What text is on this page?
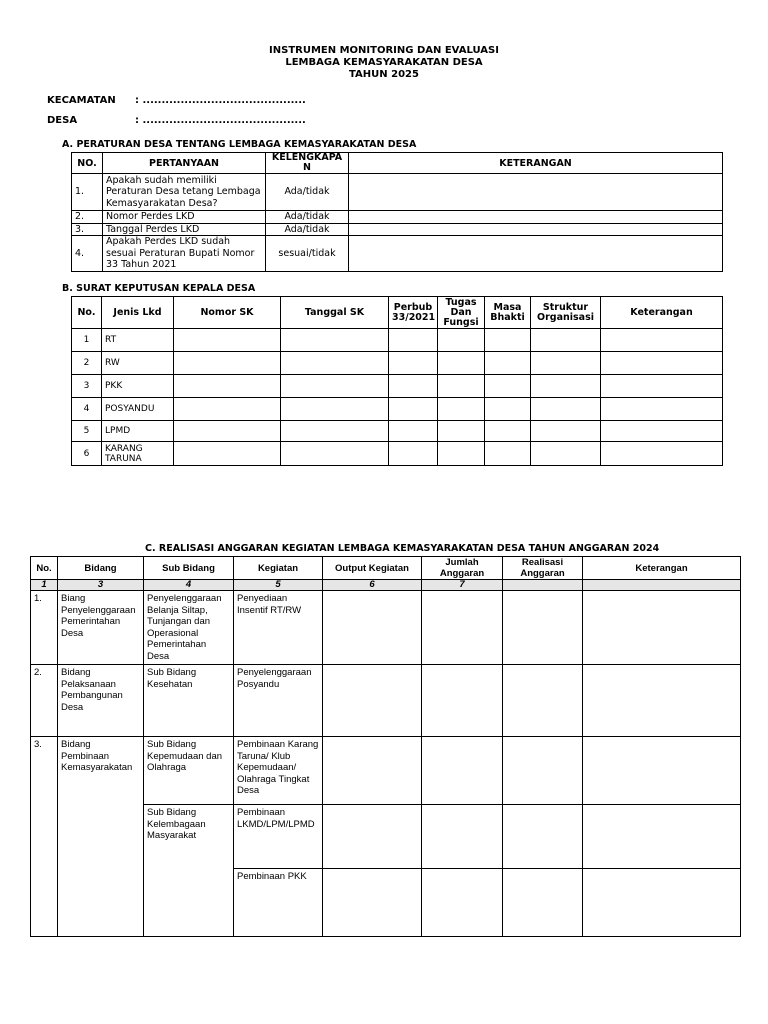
INSTRUMEN MONITORING DAN EVALUASI
LEMBAGA KEMASYARAKATAN DESA
TAHUN 2025
KECAMATAN : ...........................................
DESA	: ...........................................
A. PERATURAN DESA TENTANG LEMBAGA KEMASYARAKATAN DESA
NO.	PERTANYAAN	KELENGKAPAN	KETERANGAN
1.	Apakah sudah memiliki Peraturan Desa tetang Lembaga Kemasyarakatan Desa?	Ada/tidak	
2.	Nomor Perdes LKD	Ada/tidak	
3.	Tanggal Perdes LKD	Ada/tidak	
4.	Apakah Perdes LKD sudah sesuai Peraturan Bupati Nomor 33 Tahun 2021	sesuai/tidak	
B. SURAT KEPUTUSAN KEPALA DESA
No.	Jenis Lkd	Nomor SK	Tanggal SK	Perbub 33/2021	Tugas Dan Fungsi	Masa Bhakti	Struktur Organisasi	Keterangan
1	RT							
2	RW							
3	PKK							
4	POSYANDU							
5	LPMD							
6	KARANG TARUNA							
C. REALISASI ANGGARAN KEGIATAN LEMBAGA KEMASYARAKATAN DESA TAHUN ANGGARAN 2024
No.	Bidang	Sub Bidang	Kegiatan	Output Kegiatan	Jumlah Anggaran	Realisasi Anggaran	Keterangan
1	3	4	5	6	7		
1.	Biang Penyelenggaraan Pemerintahan Desa	Penyelenggaraan Belanja Siltap, Tunjangan dan Operasional Pemerintahan Desa	Penyediaan Insentif RT/RW				
2.	Bidang Pelaksanaan Pembangunan Desa	Sub Bidang Kesehatan	Penyelenggaraan Posyandu				
3.	Bidang Pembinaan Kemasyarakatan	Sub Bidang Kepemudaan dan Olahraga	Pembinaan Karang Taruna/ Klub Kepemudaan/ Olahraga Tingkat Desa				
		Sub Bidang Kelembagaan Masyarakat	Pembinaan LKMD/LPM/LPMD				
			Pembinaan PKK				
